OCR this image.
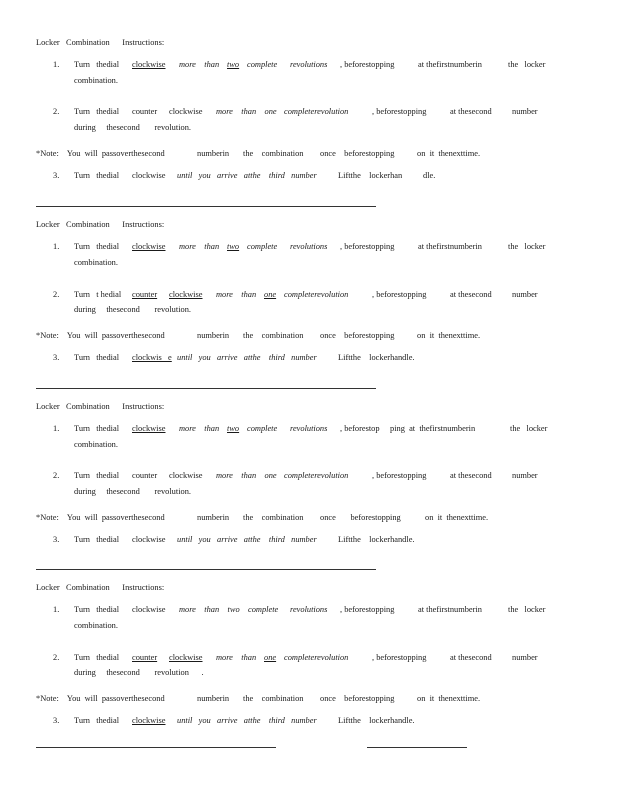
Locker   Combination      Instructions:
1. Turn   thedial clockwise	more    than two complete revolutions , beforestopping	at thefirstnumberin	the   locker
combination.
2. Turn   thedial counter clockwise more    than    one completerevolution	, beforestopping	at thesecond number
during     thesecond       revolution.
*Note:    You  will  passoverthesecond	numberin the    combination once    beforestopping	on  it  thenexttime.
3. Turn   thedial clockwise until   you   arrive   atthe    third   number	Liftthe    lockerhan dle.
Locker   Combination      Instructions:
1. Turn   thedial clockwise	more    than two complete revolutions , beforestopping	at thefirstnumberin	the   locker
combination.
2. Turn   t hedial counter	clockwise	more    than one completerevolution	, beforestopping	at thesecond number
during     thesecond       revolution.
*Note:    You  will  passoverthesecond	numberin the    combination once    beforestopping	on  it  thenexttime.
3. Turn   thedial clockwis   e until   you   arrive   atthe    third   number	Liftthe    lockerhandle.
Locker   Combination      Instructions:
1. Turn   thedial clockwise	more    than two complete revolutions , beforestop     ping  at  thefirstnumberin	the   locker
combination.
2. Turn   thedial counter clockwise more    than    one completerevolution	, beforestopping	at thesecond number
during     thesecond       revolution.
*Note:    You  will  passoverthesecond	numberin the    combination once       beforestopping	on  it  thenexttime.
3. Turn   thedial clockwise until   you   arrive   atthe    third   number	Liftthe    lockerhandle.
Locker   Combination      Instructions:
1. Turn   thedial clockwise more    than    two    complete revolutions , beforestopping	at thefirstnumberin	the   locker
combination.
2. Turn   thedial counter	clockwise	more    than one completerevolution	, beforestopping	at thesecond number
during     thesecond       revolution      .
*Note:    You  will  passoverthesecond	numberin the    combination once    beforestopping	on  it  thenexttime.
3. Turn   thedial clockwise	until   you   arrive   atthe    third   number	Liftthe    lockerhandle.
